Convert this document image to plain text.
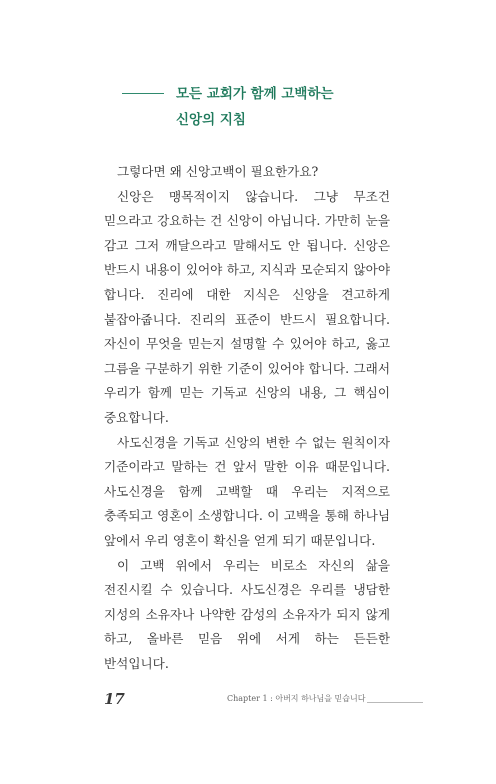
모든 교회가 함께 고백하는
신앙의 지침

그렇다면 왜 신앙고백이 필요한가요?

신앙은 맹목적이지 않습니다. 그냥 무조건 믿으라고 강요하는 건 신앙이 아닙니다. 가만히 눈을 감고 그저 깨달으라고 말해서도 안 됩니다. 신앙은 반드시 내용이 있어야 하고, 지식과 모순되지 않아야 합니다. 진리에 대한 지식은 신앙을 견고하게 붙잡아줍니다. 진리의 표준이 반드시 필요합니다. 자신이 무엇을 믿는지 설명할 수 있어야 하고, 옳고 그름을 구분하기 위한 기준이 있어야 합니다. 그래서 우리가 함께 믿는 기독교 신앙의 내용, 그 핵심이 중요합니다.

사도신경을 기독교 신앙의 변한 수 없는 원칙이자 기준이라고 말하는 건 앞서 말한 이유 때문입니다. 사도신경을 함께 고백할 때 우리는 지적으로 충족되고 영혼이 소생합니다. 이 고백을 통해 하나님 앞에서 우리 영혼이 확신을 얻게 되기 때문입니다.

이 고백 위에서 우리는 비로소 자신의 삶을 전진시킬 수 있습니다. 사도신경은 우리를 냉담한 지성의 소유자나 나약한 감성의 소유자가 되지 않게 하고, 올바른 믿음 위에 서게 하는 든든한 반석입니다.

17	Chapter 1 : 아버지 하나님을 믿습니다
